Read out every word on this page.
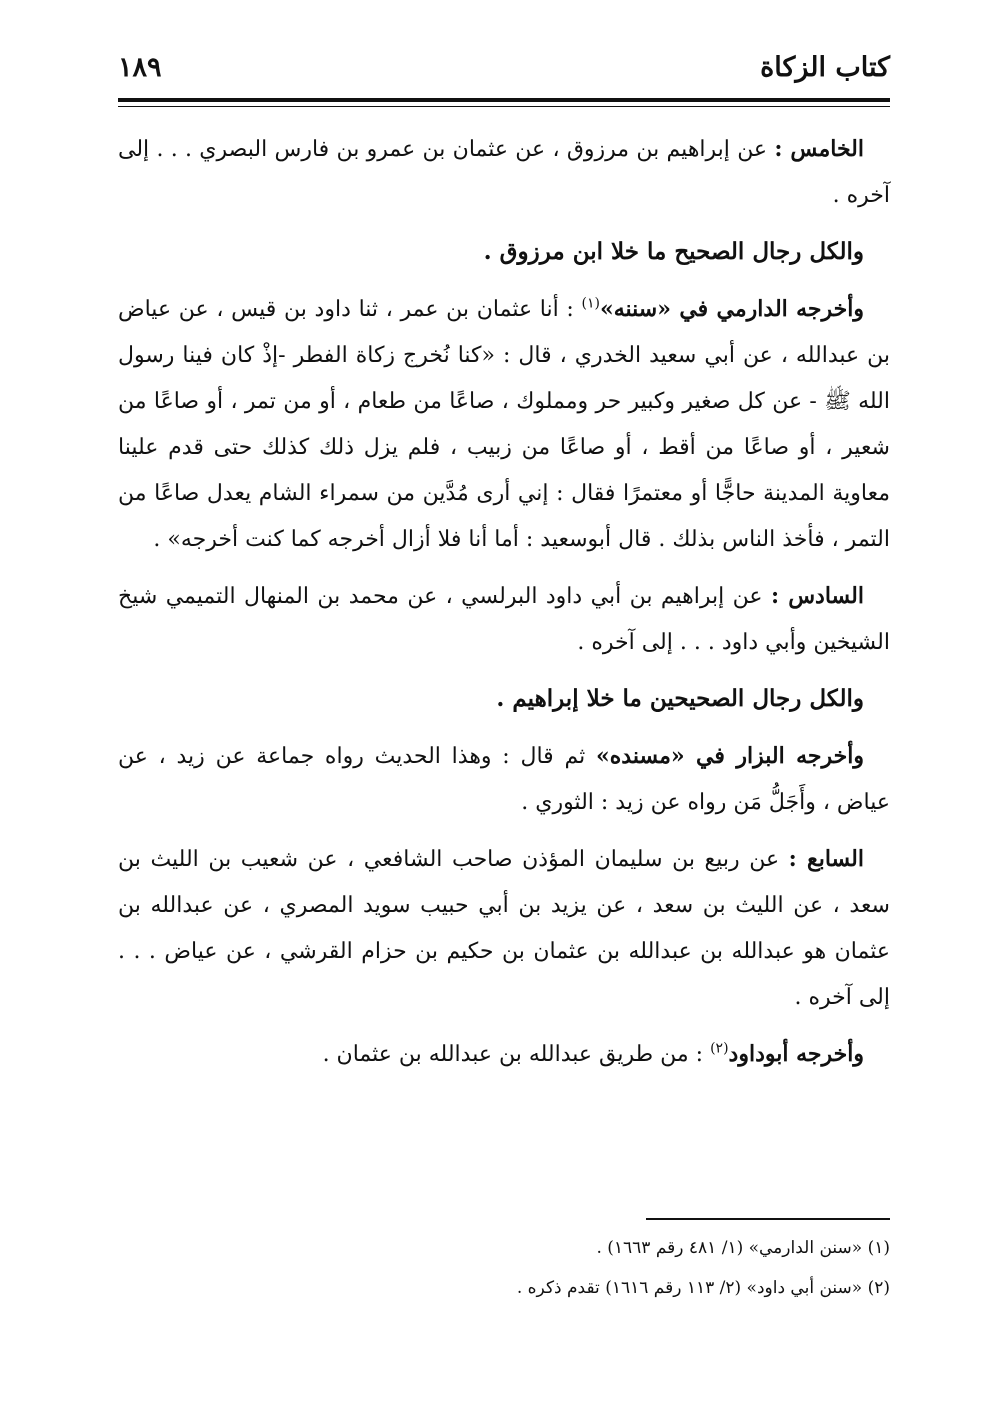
كتاب الزكاة
١٨٩

الخامس : عن إبراهيم بن مرزوق ، عن عثمان بن عمرو بن فارس البصري . . . إلى آخره .

والكل رجال الصحيح ما خلا ابن مرزوق .

وأخرجه الدارمي في «سننه»$^{(١)}$ : أنا عثمان بن عمر ، ثنا داود بن قيس ، عن عياض بن عبدالله ، عن أبي سعيد الخدري ، قال : «كنا نُخرج زكاة الفطر -إذْ كان فينا رسول الله ﷺ - عن كل صغير وكبير حر ومملوك ، صاعًا من طعام ، أو من تمر ، أو صاعًا من شعير ، أو صاعًا من أقط ، أو صاعًا من زبيب ، فلم يزل ذلك كذلك حتى قدم علينا معاوية المدينة حاجًّا أو معتمرًا فقال : إني أرى مُدَّين من سمراء الشام يعدل صاعًا من التمر ، فأخذ الناس بذلك . قال أبوسعيد : أما أنا فلا أزال أخرجه كما كنت أخرجه» .

السادس : عن إبراهيم بن أبي داود البرلسي ، عن محمد بن المنهال التميمي شيخ الشيخين وأبي داود . . . إلى آخره .

والكل رجال الصحيحين ما خلا إبراهيم .

وأخرجه البزار في «مسنده» ثم قال : وهذا الحديث رواه جماعة عن زيد ، عن عياض ، وأَجَلُّ مَن رواه عن زيد : الثوري .

السابع : عن ربيع بن سليمان المؤذن صاحب الشافعي ، عن شعيب بن الليث بن سعد ، عن الليث بن سعد ، عن يزيد بن أبي حبيب سويد المصري ، عن عبدالله بن عثمان هو عبدالله بن عبدالله بن عثمان بن حكيم بن حزام القرشي ، عن عياض . . . إلى آخره .

وأخرجه أبوداود$^{(٢)}$ : من طريق عبدالله بن عبدالله بن عثمان .

(١) «سنن الدارمي» (١/ ٤٨١ رقم ١٦٦٣) .

(٢) «سنن أبي داود» (٢/ ١١٣ رقم ١٦١٦) تقدم ذكره .
